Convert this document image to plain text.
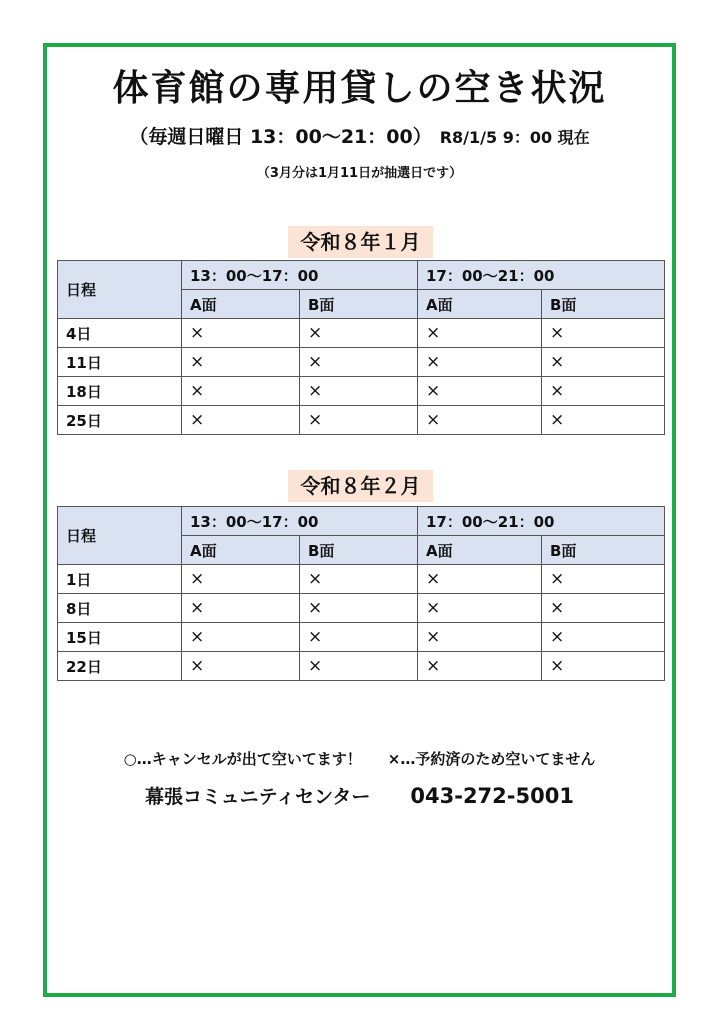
体育館の専用貸しの空き状況
（毎週日曜日 13：00～21：00） R8/1/5 9：00 現在
（3月分は1月11日が抽選日です）
令和８年１月
日程	13：00～17：00		17：00～21：00	
	A面	B面	A面	B面
4日	×	×	×	×
11日	×	×	×	×
18日	×	×	×	×
25日	×	×	×	×
令和８年２月
日程	13：00～17：00		17：00～21：00	
	A面	B面	A面	B面
1日	×	×	×	×
8日	×	×	×	×
15日	×	×	×	×
22日	×	×	×	×
○…キャンセルが出て空いてます！ ×…予約済のため空いてません
幕張コミュニティセンター 043-272-5001
